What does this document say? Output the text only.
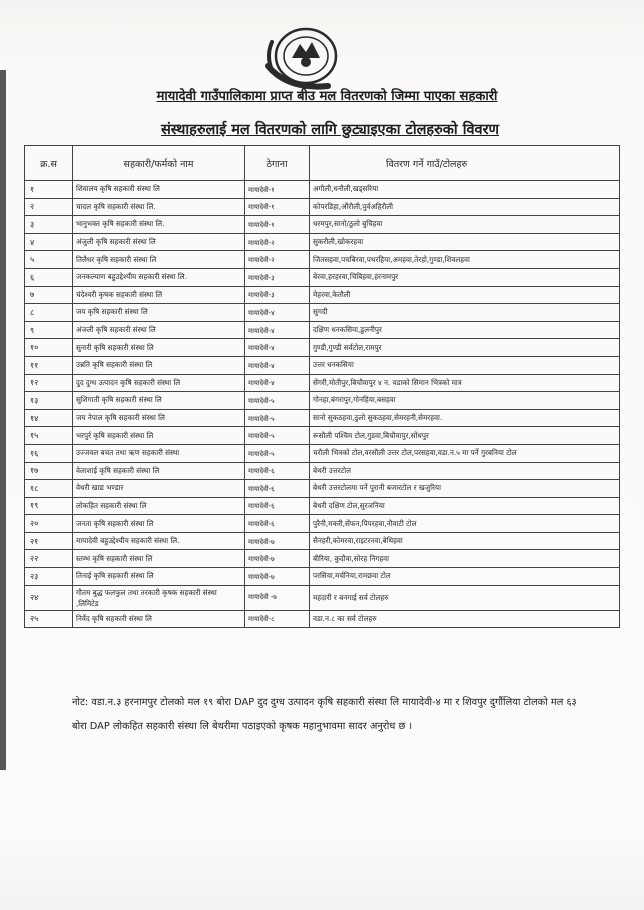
मायादेवी गाउँपालिकामा प्राप्त बीउ मल वितरणको जिम्मा पाएका सहकारी
संस्थाहरुलाई मल वितरणको लागि छुट्याइएका टोलहरुको विवरण
क्र.स	सहकारी/फर्मको नाम	ठेगाना	वितरण गर्ने गाउँ/टोलहरु
१	शिवालय कृषि सहकारी संस्था लि	मायादेवी-१	अगौली,धनौली,खड्सरिया
२	चादल कृषि सहकारी संस्था लि.	मायादेवी-१	कोपरडिहा,औंरौली,पुर्वअहिरौली
३	भानुभक्त कृषि सहकारी संस्था लि.	मायादेवी-१	धरमपुर,सानो/ठुलो बुचिहवा
४	अंजुली कृषि सहकारी संस्था लि	मायादेवी-२	सुकरौली,खोकरहवा
५	तिलैधर कृषि सहकारी संस्था लि	मायादेवी-२	जितसहवा,पचबिरवा,पथरहिया,अमहवा,तेरहो,गुण्डा,शिवलहवा
६	जनकल्याण बहुउद्देश्यीय सहकारी संस्था लि.	मायादेवी-३	बेरवा,हरहरवा,चिबिहवा,हरनामपुर
७	चंदेश्वरी कृषक सहकारी संस्था लि	मायादेवी-३	मेहरवा,केतौली
८	जय कृषि सहकारी संस्था लि	मायादेवी-४	सुगदी
९	अंजली कृषि सहकारी संस्था लि	मायादेवी-४	दक्षिण धनकसिया,डुलनीपुर
१०	सुनारी कृषि सहकारी संस्था लि	मायादेवी-४	गुण्डी,गुण्डी सर्वटोल,रामपुर
११	उन्नति कृषि सहकारी संस्था लि	मायादेवी-४	उत्तर धनकसिया
१२	दुद दुग्ध उत्पादन कृषि सहकारी संस्था लि	मायादेवी-४	सेंगरी,मोतीपुर,बिचौवापुर ४ न. वडाको सिमान भित्रको मात्र
१३	सुशिगाती कृषि सहकारी संस्था लि	मायादेवी-५	गोनहा,बंगरापुर,गोनहिया,बसहवा
१४	जय नेपाल कृषि सहकारी संस्था लि	मायादेवी-५	सानो सुकठहवा,ठुलो सुकठहवा,सेमरहनी,सेमरहवा.
१५	भरपुर्र कृषि सहकारी संस्था लि	मायादेवी-५	रूसौली पश्चिम टोल,गुडवा,बिचौवापुर,सोंधपुर
१६	उज्जवल बचत तथा ऋण सहकारी संस्था	मायादेवी-५	चरौली भित्रको टोल,वरसौली उत्तर टोल,परसहवा,वडा.न.५ मा पर्ने गुरबनिया टोल
१७	वेलाशाई कृषि सहकारी संस्था लि	मायादेवी-६	बेथरी उत्तरटोल
१८	वेथरी खाद्य भण्डार	मायादेवी-६	बेथरी उत्तरटोलमा पर्ने पुरानी बजारटोल र खजुरिया
१९	लोकहित सहकारी संस्था लि	मायादेवी-६	बेथरी दक्षिण टोल,सुरजनिया
२०	जनता कृषि सहकारी संस्था लि	मायादेवी-६	पुरैनी,मकरी,सेंफन,पिपरहवा,नौवाटी टोल
२१	मायादेवी बहुउद्देश्यीय सहकारी संस्था लि.	मायादेवी-७	सैनहरी,कोमरवा,राइटरनवा,बेथिहवा
२२	स्तम्भ कृषि सहकारी संस्था लि	मायादेवी-७	बीरिया, कुदौवा,सोरह निगहवा
२३	तिनाई कृषि सहकारी संस्था लि	मायादेवी-७	परसिया,मर्चनिया,रामछवा टोल
२४	गौतम बुद्ध फलफुल तथा तरकारी कृषक सहकारी संस्था ,लिमिटेड	मायादेवी -७	महदारी र बनगाई सर्व टोलहरु
२५	निर्वेद कृषि सहकारी संस्था लि	मायादेवी-८	वडा.न.८ का सर्व टोलहरु
नोट: वडा.न.३ हरनामपुर टोलको मल १९ बोरा DAP दुद दुग्ध उत्पादन कृषि सहकारी संस्था लि मायादेवी-४ मा र शिवपुर दुर्गौलिया टोलको मल ६३ बोरा DAP लोकहित सहकारी संस्था लि बेथरीमा पठाइएको कृषक महानुभावमा सादर अनुरोध छ ।
